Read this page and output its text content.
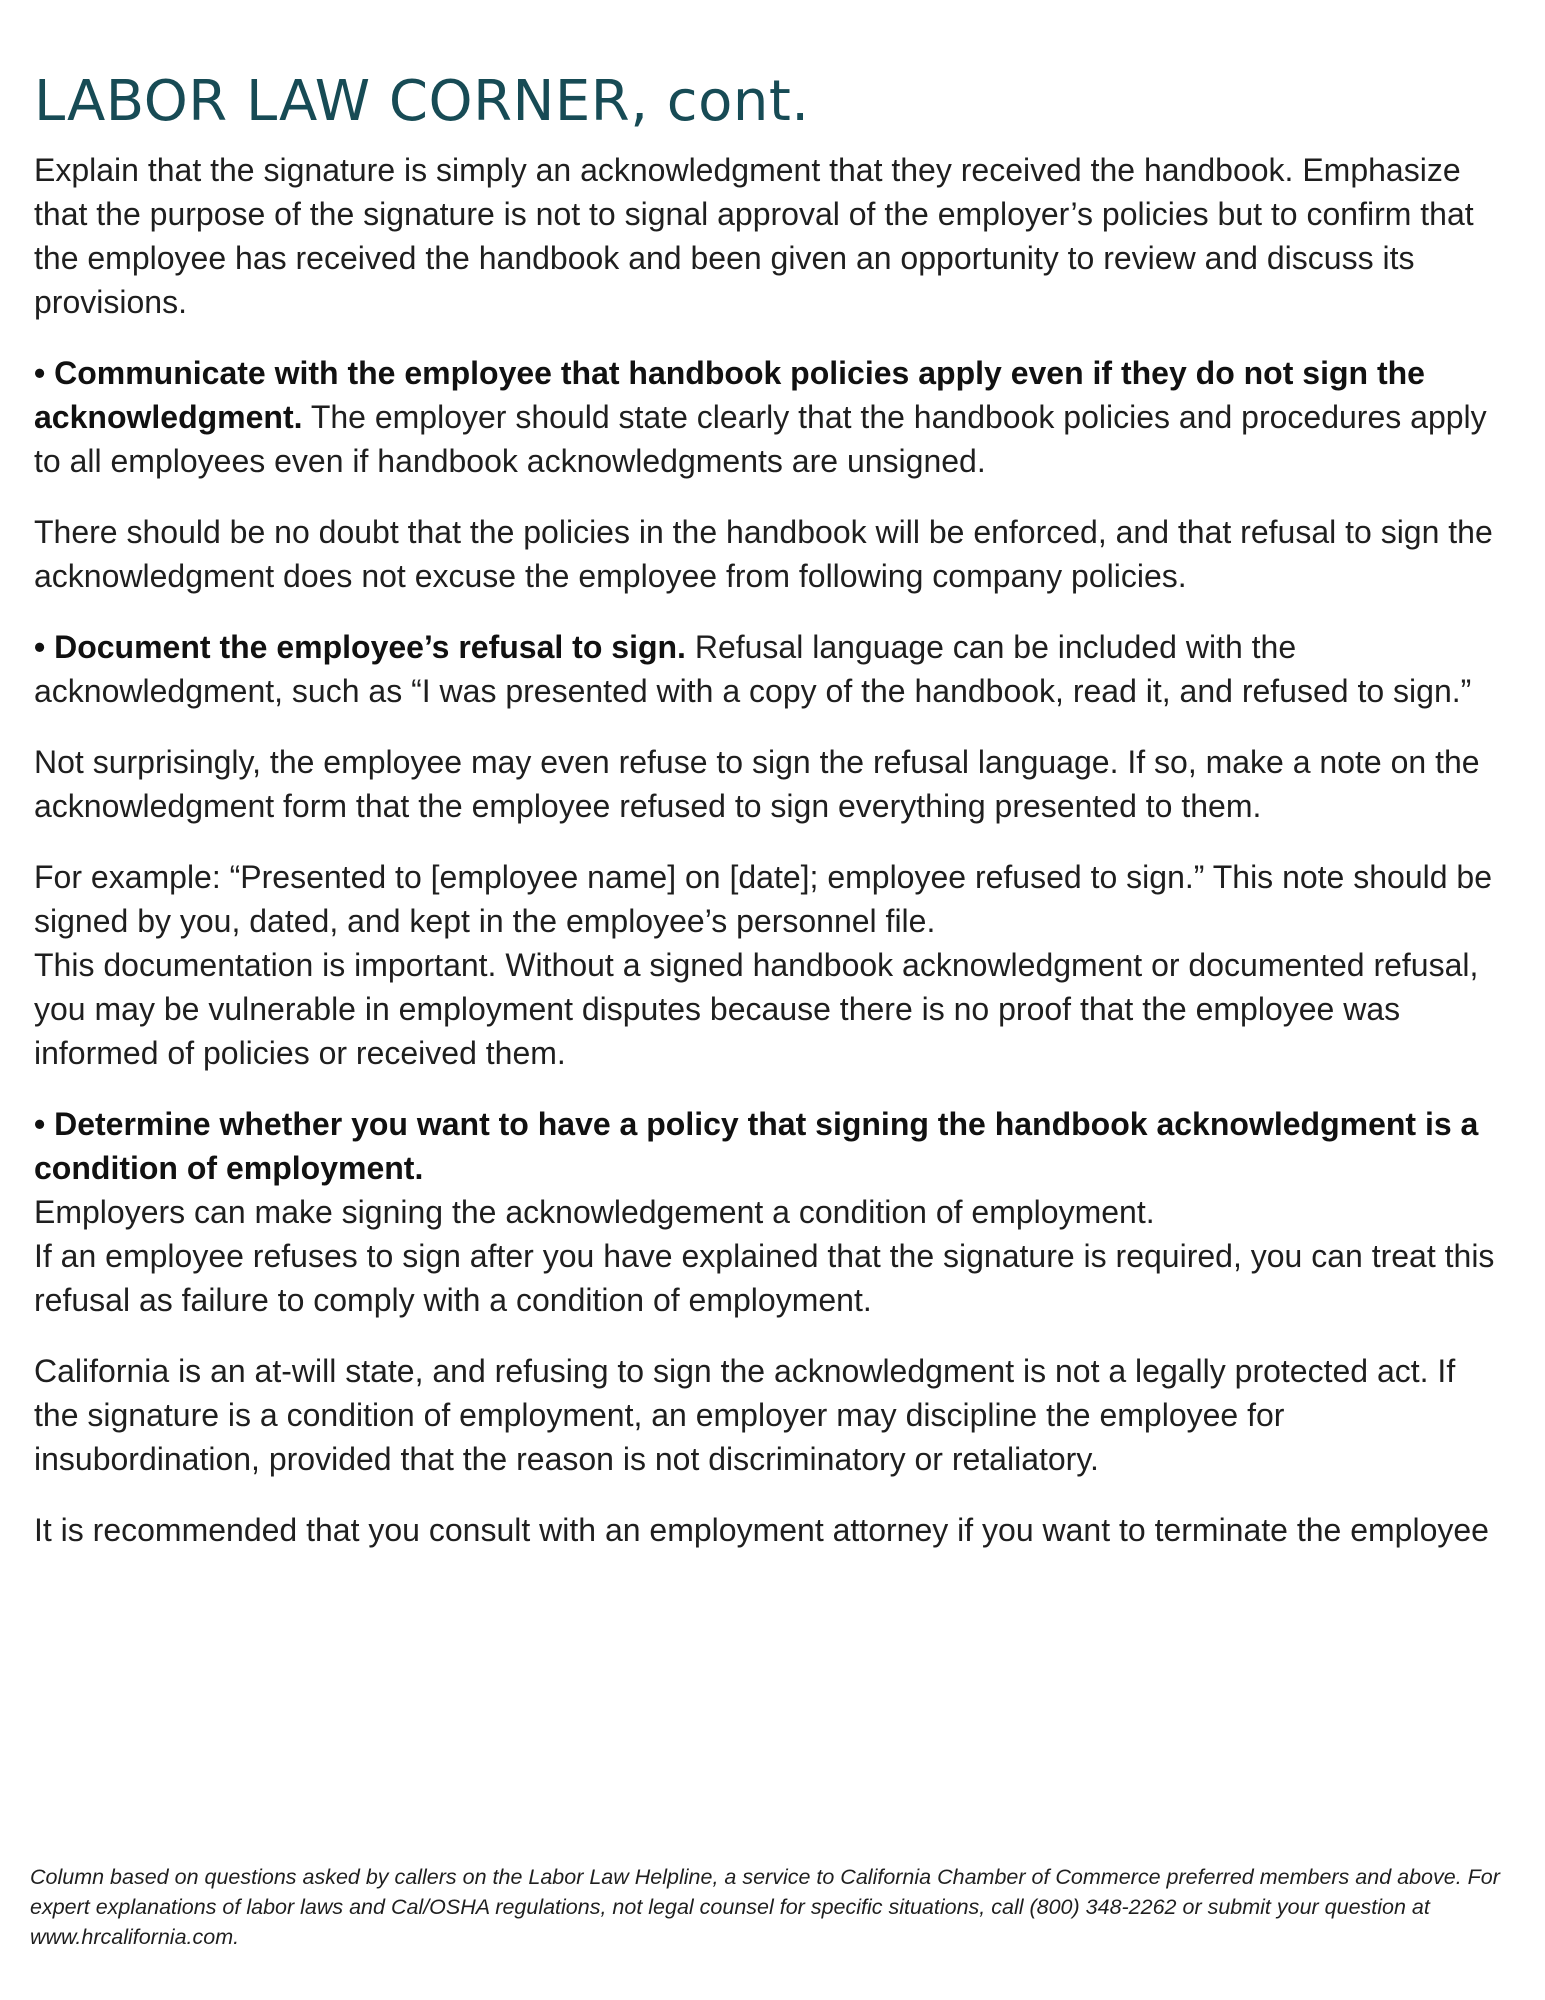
LABOR LAW CORNER, cont.

Explain that the signature is simply an acknowledgment that they received the handbook. Emphasize that the purpose of the signature is not to signal approval of the employer’s policies but to confirm that the employee has received the handbook and been given an opportunity to review and discuss its provisions.

• Communicate with the employee that handbook policies apply even if they do not sign the acknowledgment. The employer should state clearly that the handbook policies and procedures apply to all employees even if handbook acknowledgments are unsigned.

There should be no doubt that the policies in the handbook will be enforced, and that refusal to sign the acknowledgment does not excuse the employee from following company policies.

• Document the employee’s refusal to sign. Refusal language can be included with the acknowledgment, such as “I was presented with a copy of the handbook, read it, and refused to sign.”

Not surprisingly, the employee may even refuse to sign the refusal language. If so, make a note on the acknowledgment form that the employee refused to sign everything presented to them.

For example: “Presented to [employee name] on [date]; employee refused to sign.” This note should be signed by you, dated, and kept in the employee’s personnel file.
This documentation is important. Without a signed handbook acknowledgment or documented refusal, you may be vulnerable in employment disputes because there is no proof that the employee was informed of policies or received them.

• Determine whether you want to have a policy that signing the handbook acknowledgment is a condition of employment.
Employers can make signing the acknowledgement a condition of employment.
If an employee refuses to sign after you have explained that the signature is required, you can treat this refusal as failure to comply with a condition of employment.

California is an at-will state, and refusing to sign the acknowledgment is not a legally protected act. If the signature is a condition of employment, an employer may discipline the employee for insubordination, provided that the reason is not discriminatory or retaliatory.

It is recommended that you consult with an employment attorney if you want to terminate the employee

Column based on questions asked by callers on the Labor Law Helpline, a service to California Chamber of Commerce preferred members and above. For expert explanations of labor laws and Cal/OSHA regulations, not legal counsel for specific situations, call (800) 348-2262 or submit your question at www.hrcalifornia.com.
